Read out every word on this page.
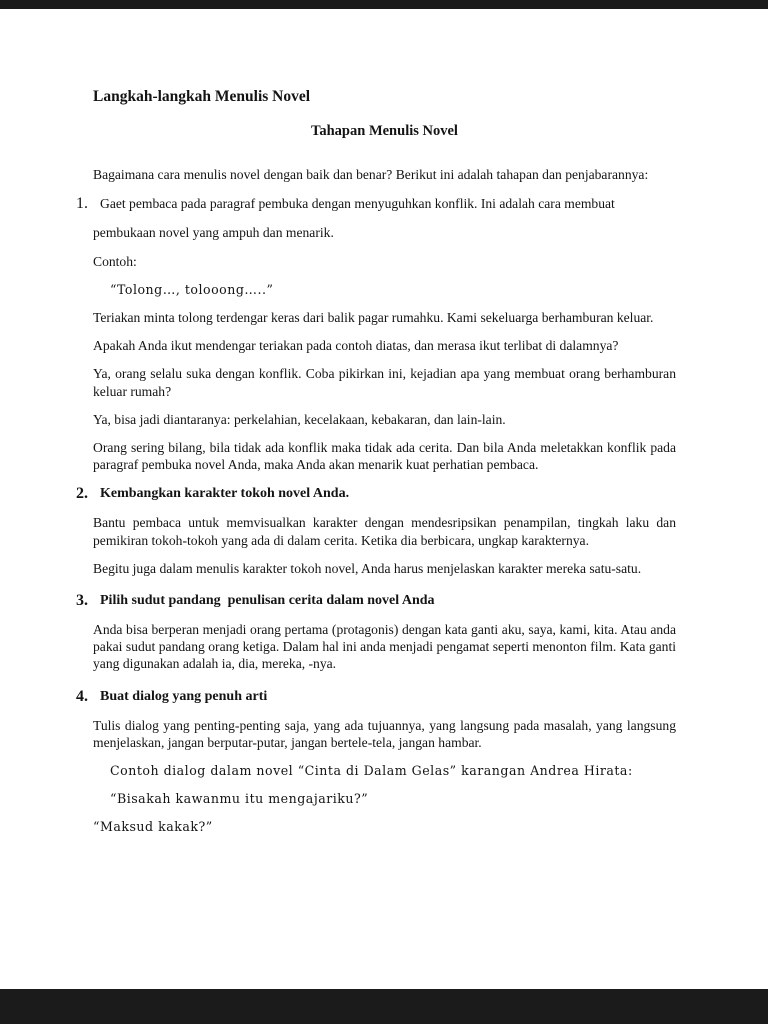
Langkah-langkah Menulis Novel
Tahapan Menulis Novel

Bagaimana cara menulis novel dengan baik dan benar? Berikut ini adalah tahapan dan penjabarannya:

1. Gaet pembaca pada paragraf pembuka dengan menyuguhkan konflik. Ini adalah cara membuat

pembukaan novel yang ampuh dan menarik.

Contoh:

“Tolong…, tolooong…..”

Teriakan minta tolong terdengar keras dari balik pagar rumahku. Kami sekeluarga berhamburan keluar.

Apakah Anda ikut mendengar teriakan pada contoh diatas, dan merasa ikut terlibat di dalamnya?

Ya, orang selalu suka dengan konflik. Coba pikirkan ini, kejadian apa yang membuat orang berhamburan keluar rumah?

Ya, bisa jadi diantaranya: perkelahian, kecelakaan, kebakaran, dan lain-lain.

Orang sering bilang, bila tidak ada konflik maka tidak ada cerita. Dan bila Anda meletakkan konflik pada paragraf pembuka novel Anda, maka Anda akan menarik kuat perhatian pembaca.

2. Kembangkan karakter tokoh novel Anda.

Bantu pembaca untuk memvisualkan karakter dengan mendesripsikan penampilan, tingkah laku dan pemikiran tokoh-tokoh yang ada di dalam cerita. Ketika dia berbicara, ungkap karakternya.

Begitu juga dalam menulis karakter tokoh novel, Anda harus menjelaskan karakter mereka satu-satu.

3. Pilih sudut pandang  penulisan cerita dalam novel Anda

Anda bisa berperan menjadi orang pertama (protagonis) dengan kata ganti aku, saya, kami, kita. Atau anda pakai sudut pandang orang ketiga. Dalam hal ini anda menjadi pengamat seperti menonton film. Kata ganti yang digunakan adalah ia, dia, mereka, -nya.

4. Buat dialog yang penuh arti

Tulis dialog yang penting-penting saja, yang ada tujuannya, yang langsung pada masalah, yang langsung menjelaskan, jangan berputar-putar, jangan bertele-tela, jangan hambar.

Contoh dialog dalam novel “Cinta di Dalam Gelas” karangan Andrea Hirata:

“Bisakah kawanmu itu mengajariku?”

“Maksud kakak?”
